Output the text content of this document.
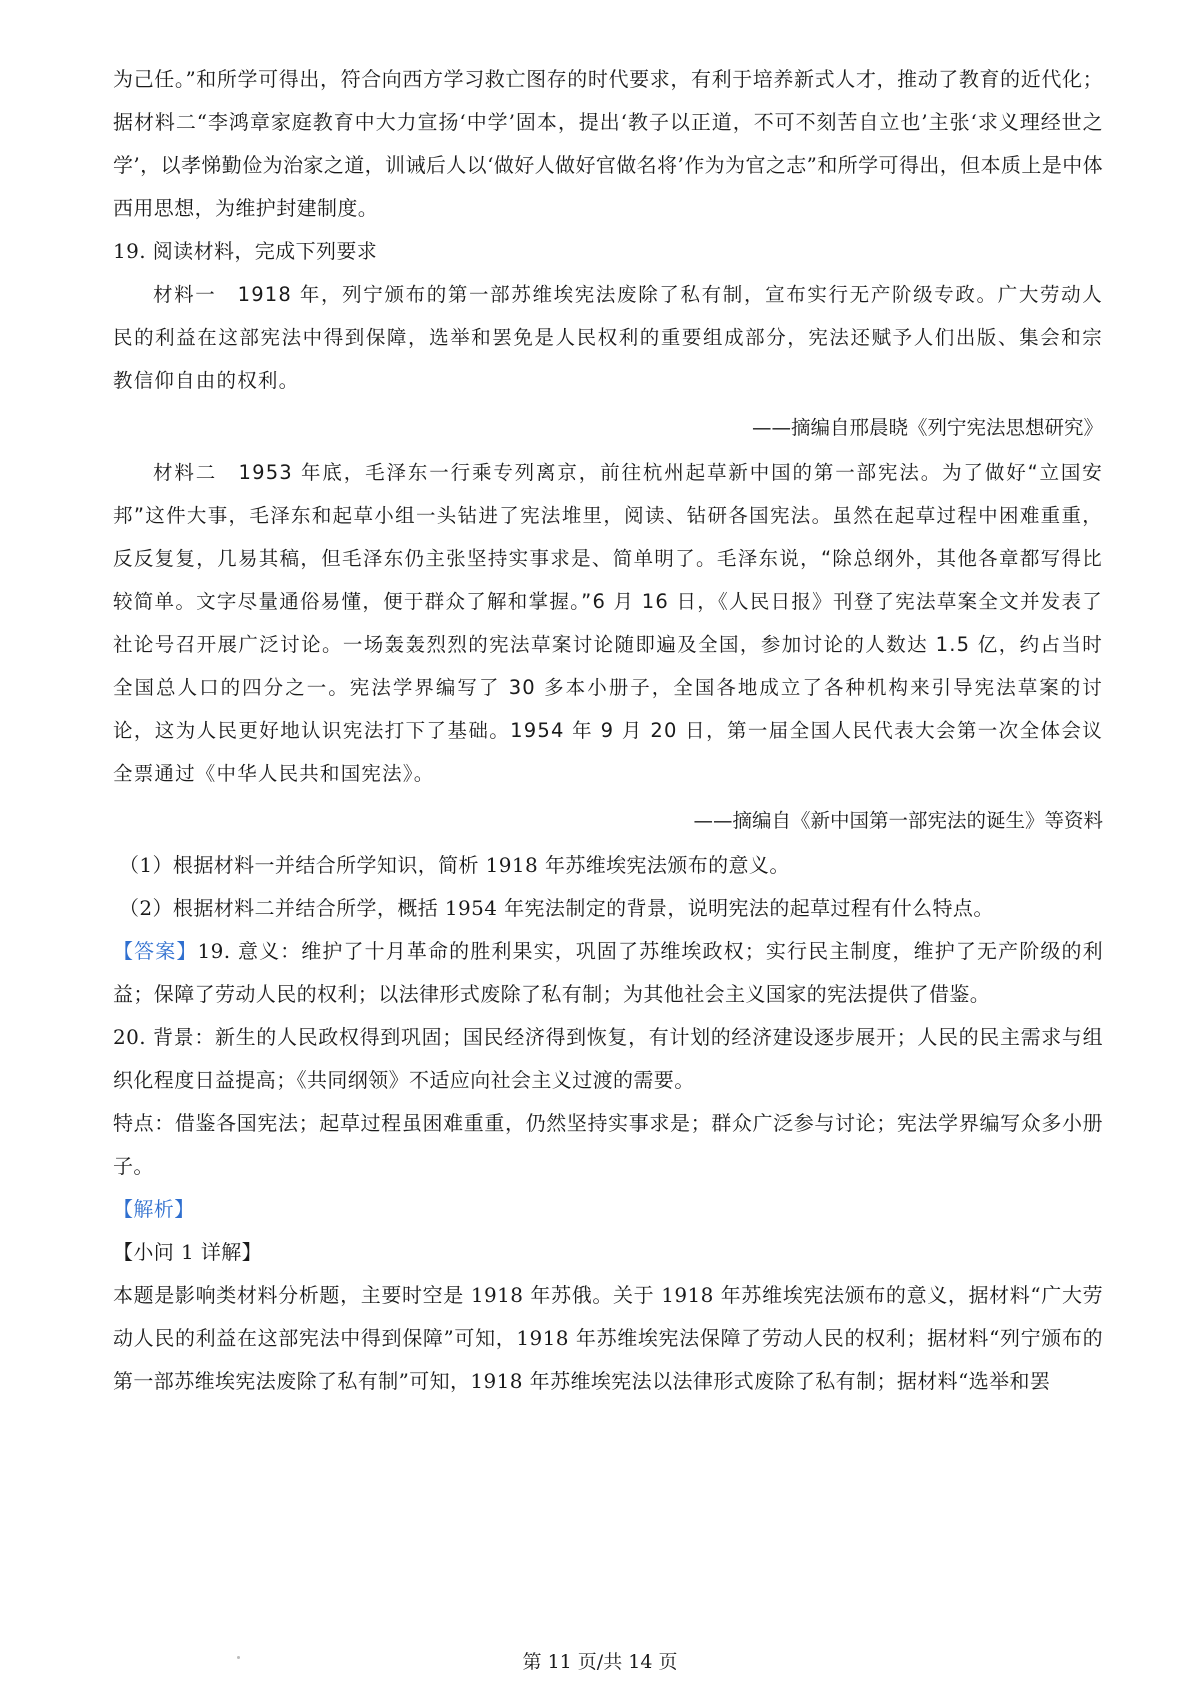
为己任。”和所学可得出，符合向西方学习救亡图存的时代要求，有利于培养新式人才，推动了教育的近代化；据材料二“李鸿章家庭教育中大力宣扬‘中学’固本，提出‘教子以正道，不可不刻苦自立也’主张‘求义理经世之学’，以孝悌勤俭为治家之道，训诫后人以‘做好人做好官做名将’作为为官之志”和所学可得出，但本质上是中体西用思想，为维护封建制度。

19. 阅读材料，完成下列要求

材料一　1918 年，列宁颁布的第一部苏维埃宪法废除了私有制，宣布实行无产阶级专政。广大劳动人民的利益在这部宪法中得到保障，选举和罢免是人民权利的重要组成部分，宪法还赋予人们出版、集会和宗教信仰自由的权利。

——摘编自邢晨晓《列宁宪法思想研究》

材料二　1953 年底，毛泽东一行乘专列离京，前往杭州起草新中国的第一部宪法。为了做好“立国安邦”这件大事，毛泽东和起草小组一头钻进了宪法堆里，阅读、钻研各国宪法。虽然在起草过程中困难重重，反反复复，几易其稿，但毛泽东仍主张坚持实事求是、简单明了。毛泽东说，“除总纲外，其他各章都写得比较简单。文字尽量通俗易懂，便于群众了解和掌握。”6 月 16 日，《人民日报》刊登了宪法草案全文并发表了社论号召开展广泛讨论。一场轰轰烈烈的宪法草案讨论随即遍及全国，参加讨论的人数达 1.5 亿，约占当时全国总人口的四分之一。宪法学界编写了 30 多本小册子，全国各地成立了各种机构来引导宪法草案的讨论，这为人民更好地认识宪法打下了基础。1954 年 9 月 20 日，第一届全国人民代表大会第一次全体会议全票通过《中华人民共和国宪法》。

——摘编自《新中国第一部宪法的诞生》等资料

（1）根据材料一并结合所学知识，简析 1918 年苏维埃宪法颁布的意义。

（2）根据材料二并结合所学，概括 1954 年宪法制定的背景，说明宪法的起草过程有什么特点。

【答案】19. 意义：维护了十月革命的胜利果实，巩固了苏维埃政权；实行民主制度，维护了无产阶级的利益；保障了劳动人民的权利；以法律形式废除了私有制；为其他社会主义国家的宪法提供了借鉴。

20. 背景：新生的人民政权得到巩固；国民经济得到恢复，有计划的经济建设逐步展开；人民的民主需求与组织化程度日益提高；《共同纲领》不适应向社会主义过渡的需要。

特点：借鉴各国宪法；起草过程虽困难重重，仍然坚持实事求是；群众广泛参与讨论；宪法学界编写众多小册子。

【解析】

【小问 1 详解】

本题是影响类材料分析题，主要时空是 1918 年苏俄。关于 1918 年苏维埃宪法颁布的意义，据材料“广大劳动人民的利益在这部宪法中得到保障”可知，1918 年苏维埃宪法保障了劳动人民的权利；据材料“列宁颁布的第一部苏维埃宪法废除了私有制”可知，1918 年苏维埃宪法以法律形式废除了私有制；据材料“选举和罢

第 11 页/共 14 页
